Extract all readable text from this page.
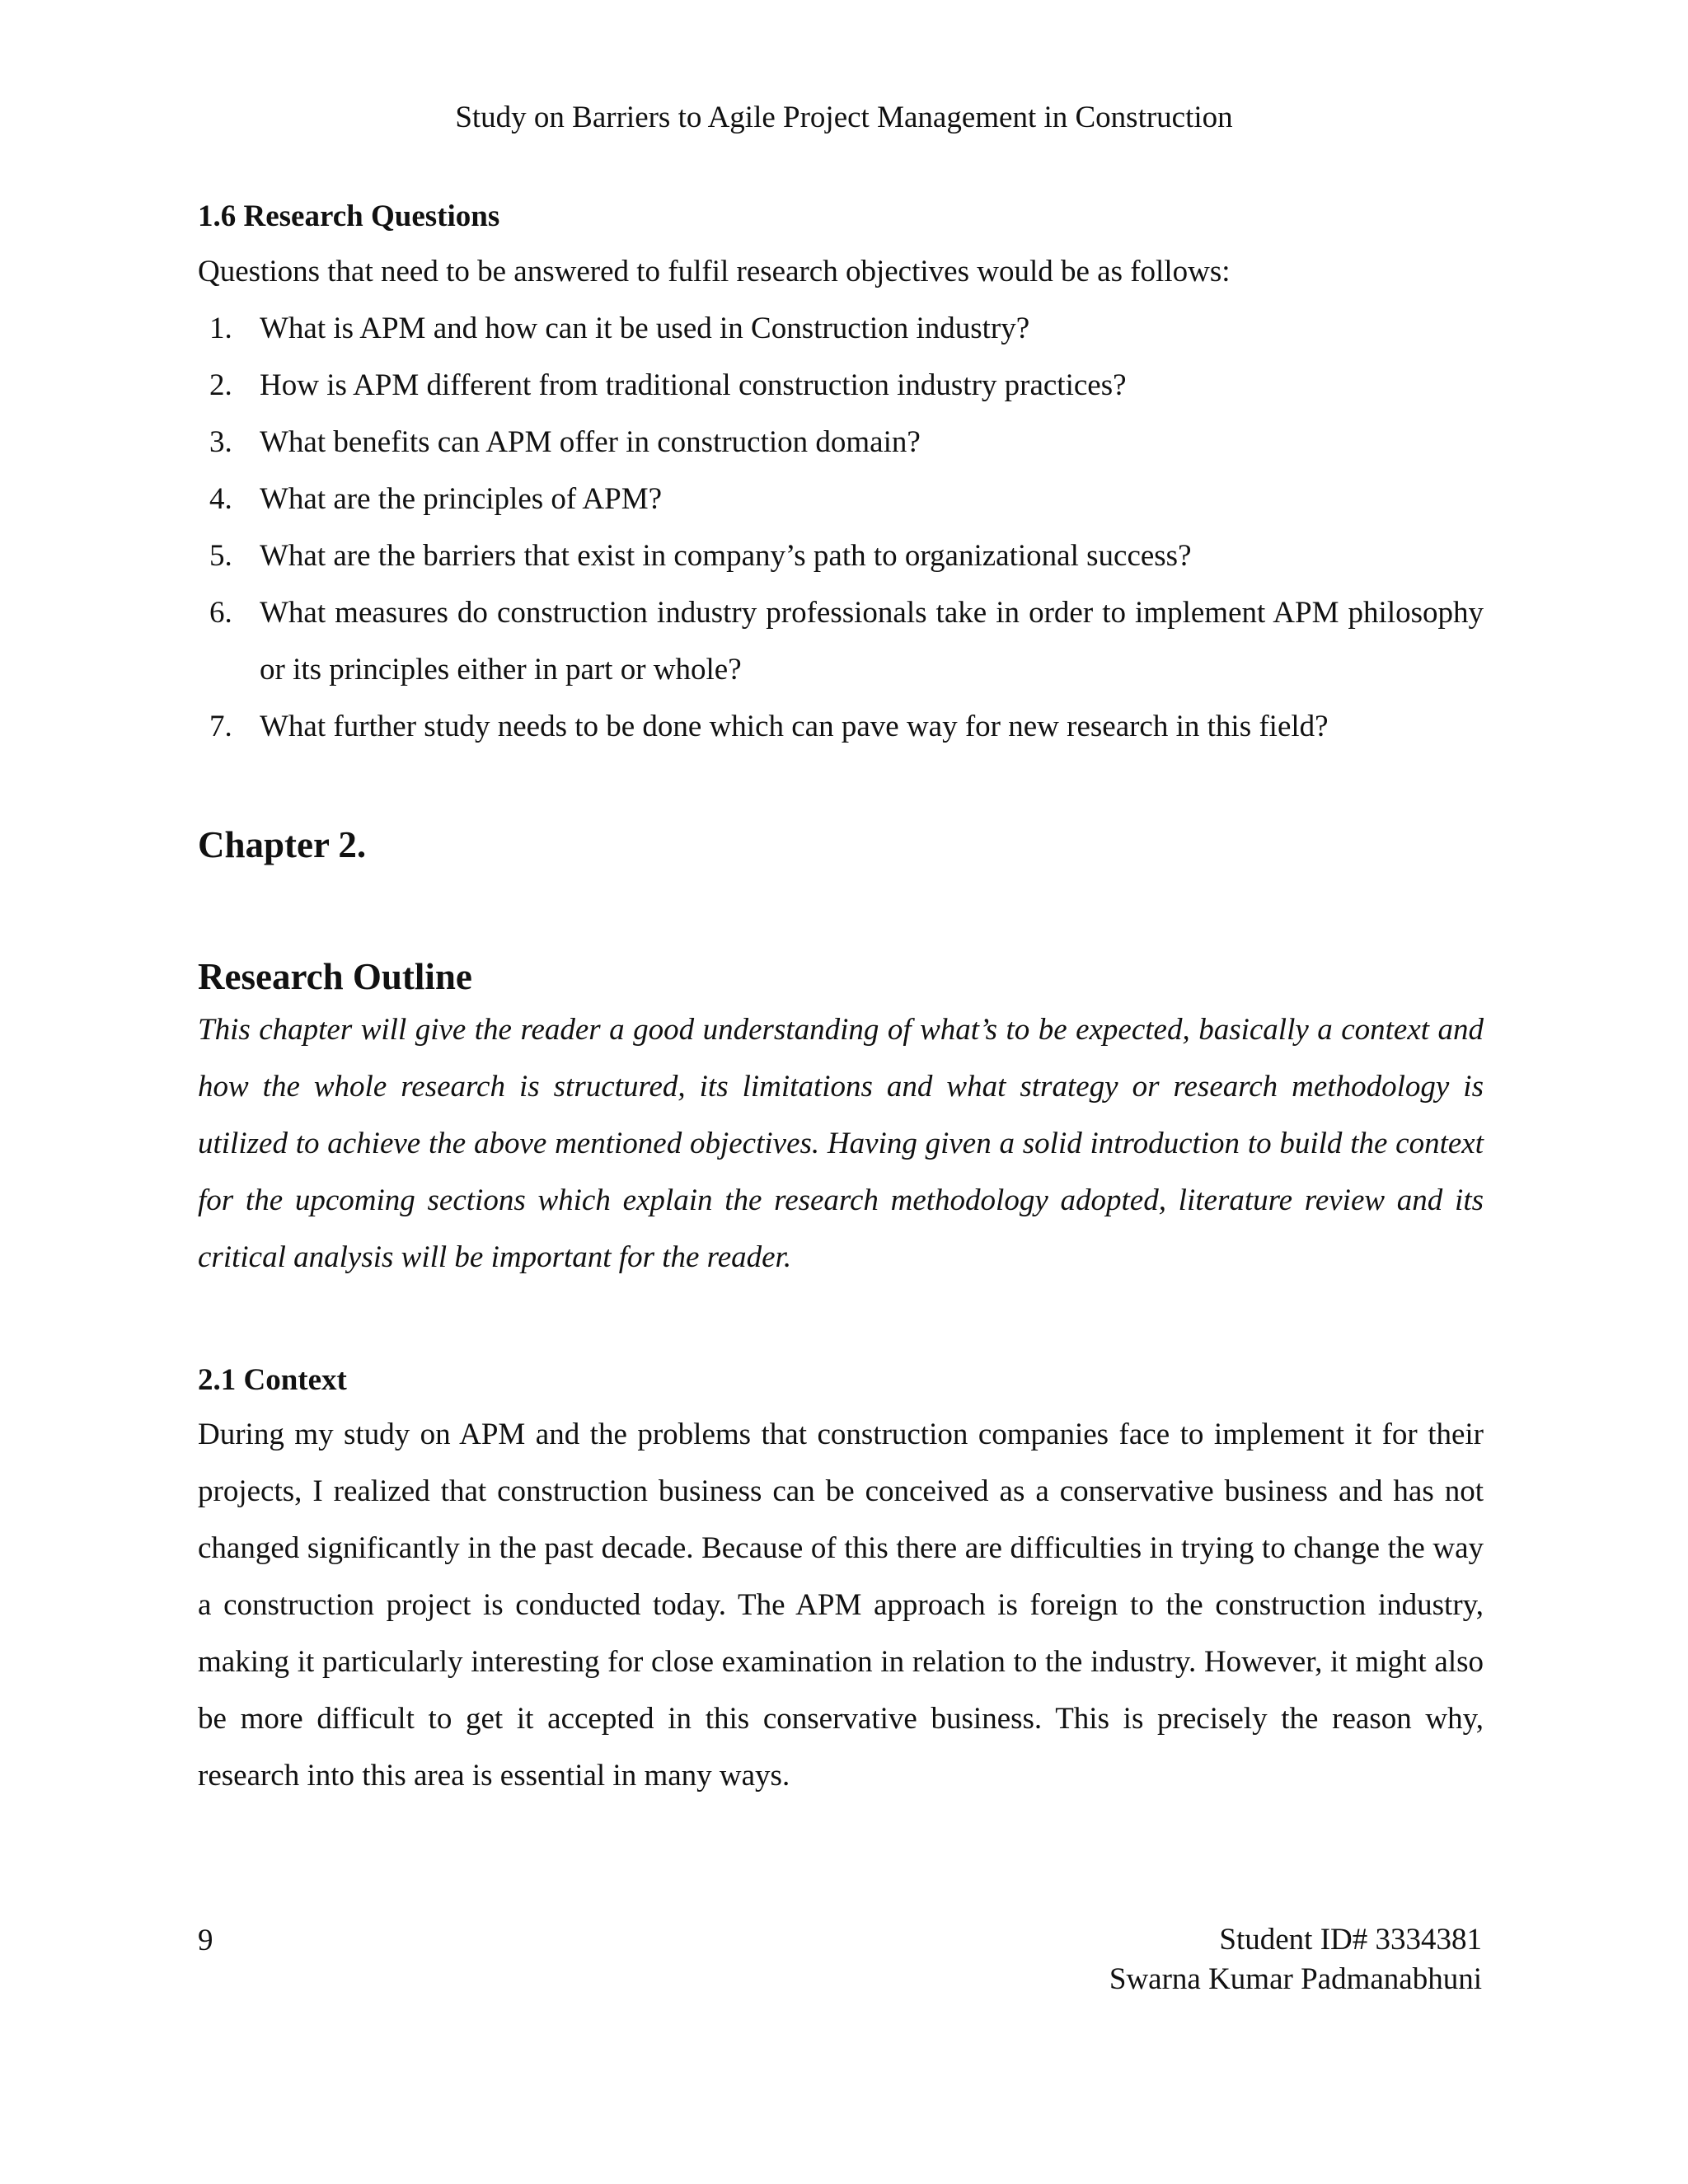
Study on Barriers to Agile Project Management in Construction

1.6 Research Questions

Questions that need to be answered to fulfil research objectives would be as follows:

1. What is APM and how can it be used in Construction industry?
2. How is APM different from traditional construction industry practices?
3. What benefits can APM offer in construction domain?
4. What are the principles of APM?
5. What are the barriers that exist in company’s path to organizational success?
6. What measures do construction industry professionals take in order to implement APM philosophy or its principles either in part or whole?
7. What further study needs to be done which can pave way for new research in this field?

Chapter 2.

Research Outline

This chapter will give the reader a good understanding of what’s to be expected, basically a context and how the whole research is structured, its limitations and what strategy or research methodology is utilized to achieve the above mentioned objectives. Having given a solid introduction to build the context for the upcoming sections which explain the research methodology adopted, literature review and its critical analysis will be important for the reader.

2.1 Context

During my study on APM and the problems that construction companies face to implement it for their projects, I realized that construction business can be conceived as a conservative business and has not changed significantly in the past decade. Because of this there are difficulties in trying to change the way a construction project is conducted today. The APM approach is foreign to the construction industry, making it particularly interesting for close examination in relation to the industry. However, it might also be more difficult to get it accepted in this conservative business. This is precisely the reason why, research into this area is essential in many ways.

9	Student ID# 3334381
Swarna Kumar Padmanabhuni
